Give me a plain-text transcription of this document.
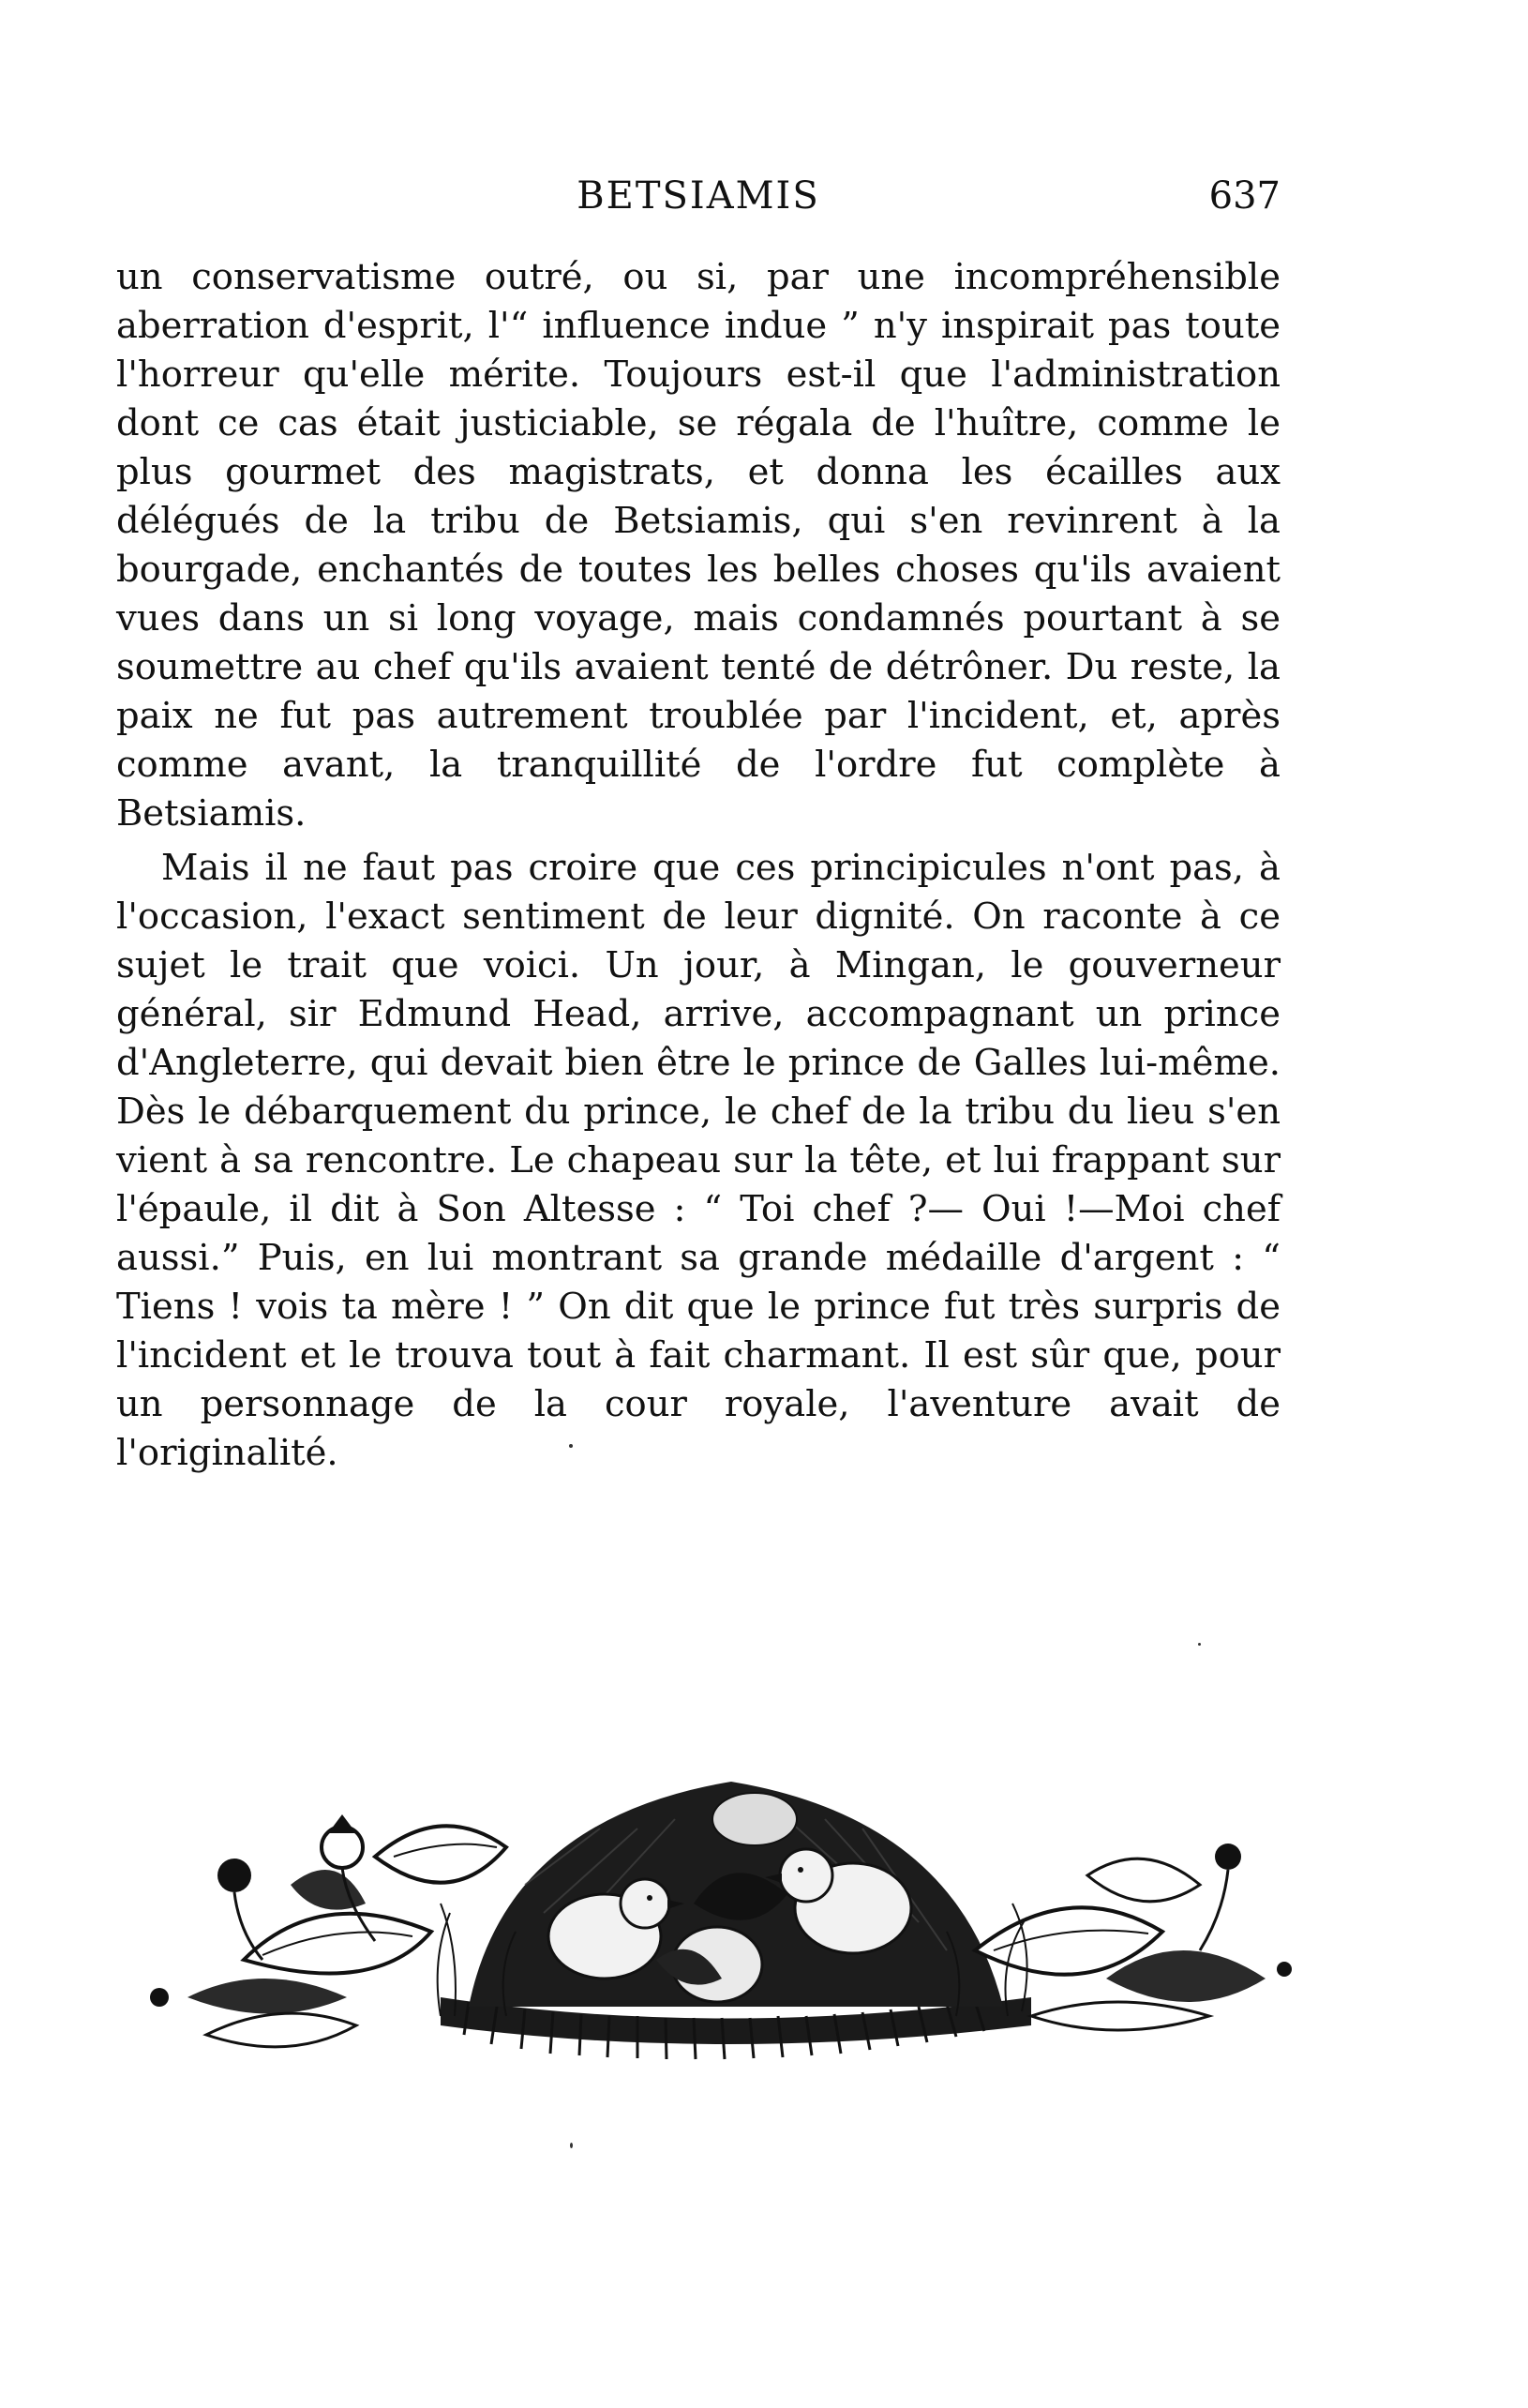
BETSIAMIS	637

un conservatisme outré, ou si, par une incompréhensible aberration d'esprit, l'“ influence indue ” n'y inspirait pas toute l'horreur qu'elle mérite. Toujours est-il que l'administration dont ce cas était justiciable, se régala de l'huître, comme le plus gourmet des magistrats, et donna les écailles aux délégués de la tribu de Betsiamis, qui s'en revinrent à la bourgade, enchantés de toutes les belles choses qu'ils avaient vues dans un si long voyage, mais condamnés pourtant à se soumettre au chef qu'ils avaient tenté de détrôner. Du reste, la paix ne fut pas autrement troublée par l'incident, et, après comme avant, la tranquillité de l'ordre fut complète à Betsiamis.

Mais il ne faut pas croire que ces principicules n'ont pas, à l'occasion, l'exact sentiment de leur dignité. On raconte à ce sujet le trait que voici. Un jour, à Mingan, le gouverneur général, sir Edmund Head, arrive, accompagnant un prince d'Angleterre, qui devait bien être le prince de Galles lui-même. Dès le débarquement du prince, le chef de la tribu du lieu s'en vient à sa rencontre. Le chapeau sur la tête, et lui frappant sur l'épaule, il dit à Son Altesse : “ Toi chef ?— Oui !—Moi chef aussi.” Puis, en lui montrant sa grande médaille d'argent : “ Tiens ! vois ta mère ! ” On dit que le prince fut très surpris de l'incident et le trouva tout à fait charmant. Il est sûr que, pour un personnage de la cour royale, l'aventure avait de l'originalité.
